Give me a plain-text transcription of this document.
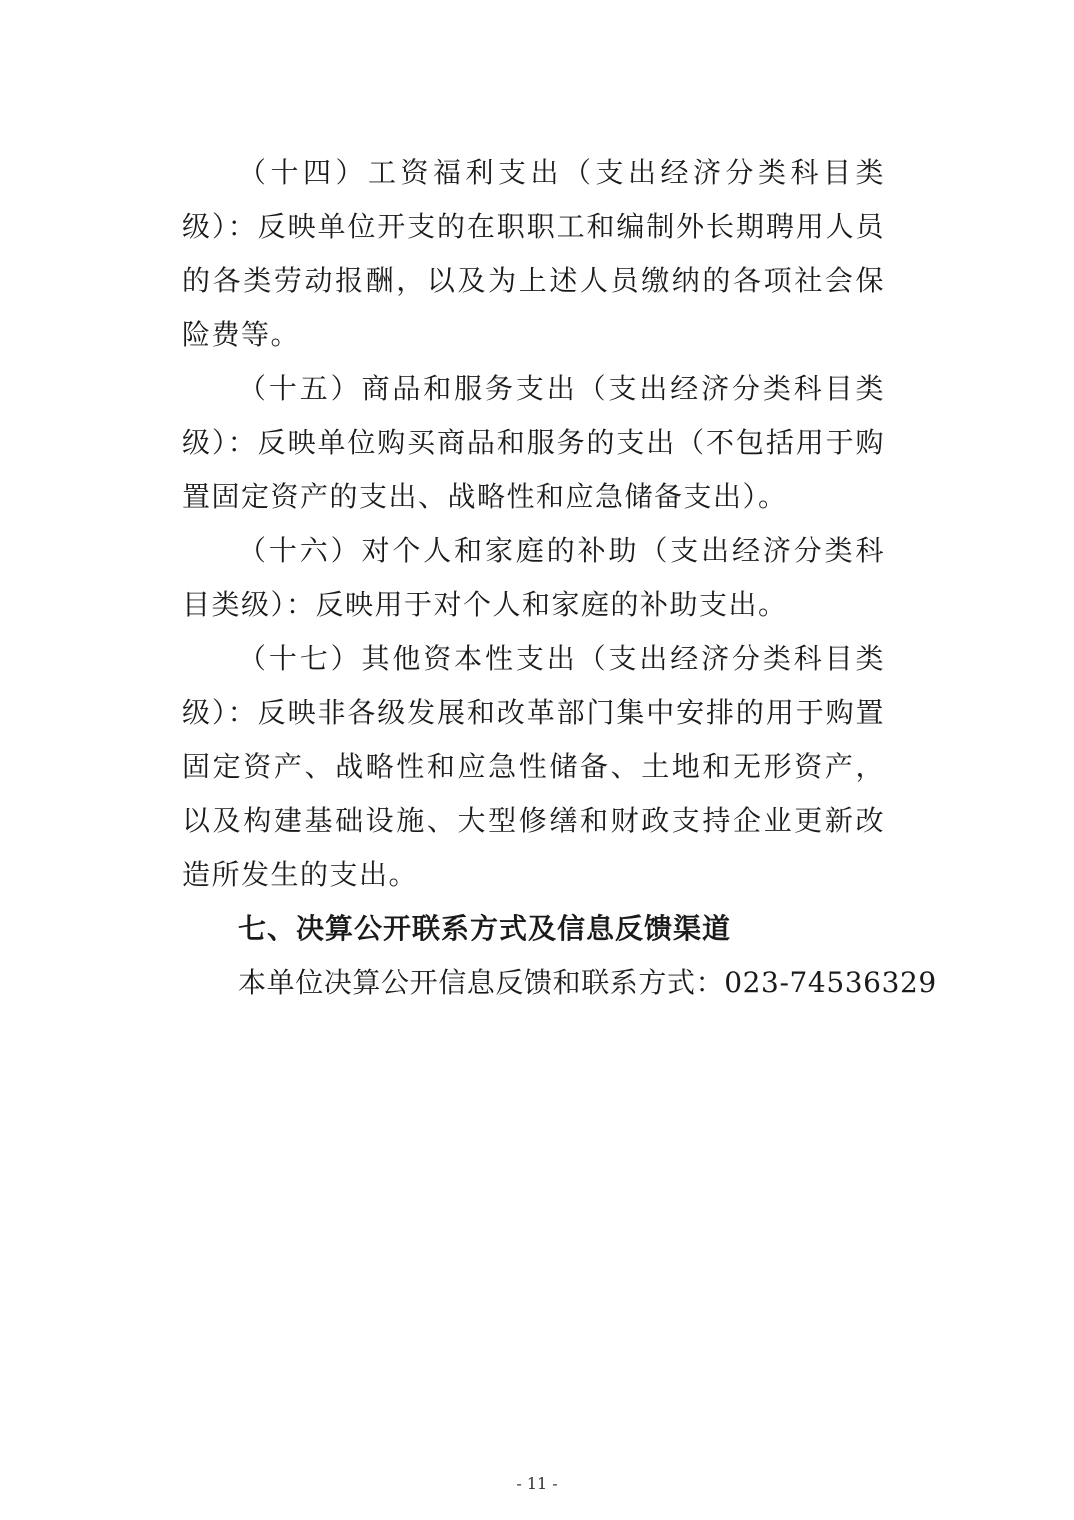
（十四）工资福利支出（支出经济分类科目类级）：反映单位开支的在职职工和编制外长期聘用人员的各类劳动报酬，以及为上述人员缴纳的各项社会保险费等。

（十五）商品和服务支出（支出经济分类科目类级）：反映单位购买商品和服务的支出（不包括用于购置固定资产的支出、战略性和应急储备支出）。

（十六）对个人和家庭的补助（支出经济分类科目类级）：反映用于对个人和家庭的补助支出。

（十七）其他资本性支出（支出经济分类科目类级）：反映非各级发展和改革部门集中安排的用于购置固定资产、战略性和应急性储备、土地和无形资产，以及构建基础设施、大型修缮和财政支持企业更新改造所发生的支出。

七、决算公开联系方式及信息反馈渠道

本单位决算公开信息反馈和联系方式：023-74536329

- 11 -
